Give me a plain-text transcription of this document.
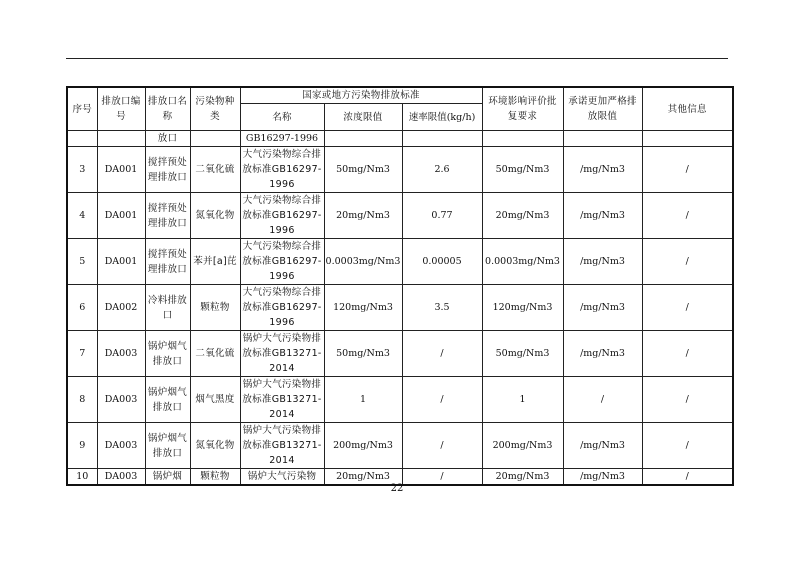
序号	排放口编号	排放口名称	污染物种类	国家或地方污染物排放标准			环境影响评价批复要求	承诺更加严格排放限值	其他信息
				名称	浓度限值	速率限值(kg/h)			
		放口		GB16297-1996					
3	DA001	搅拌预处理排放口	二氧化硫	大气污染物综合排放标准GB16297-1996	50mg/Nm3	2.6	50mg/Nm3	/mg/Nm3	/
4	DA001	搅拌预处理排放口	氮氧化物	大气污染物综合排放标准GB16297-1996	20mg/Nm3	0.77	20mg/Nm3	/mg/Nm3	/
5	DA001	搅拌预处理排放口	苯并[a]芘	大气污染物综合排放标准GB16297-1996	0.0003mg/Nm3	0.00005	0.0003mg/Nm3	/mg/Nm3	/
6	DA002	冷料排放口	颗粒物	大气污染物综合排放标准GB16297-1996	120mg/Nm3	3.5	120mg/Nm3	/mg/Nm3	/
7	DA003	锅炉烟气排放口	二氧化硫	锅炉大气污染物排放标准GB13271-2014	50mg/Nm3	/	50mg/Nm3	/mg/Nm3	/
8	DA003	锅炉烟气排放口	烟气黑度	锅炉大气污染物排放标准GB13271-2014	1	/	1	/	/
9	DA003	锅炉烟气排放口	氮氧化物	锅炉大气污染物排放标准GB13271-2014	200mg/Nm3	/	200mg/Nm3	/mg/Nm3	/
10	DA003	锅炉烟	颗粒物	锅炉大气污染物	20mg/Nm3	/	20mg/Nm3	/mg/Nm3	/
22
